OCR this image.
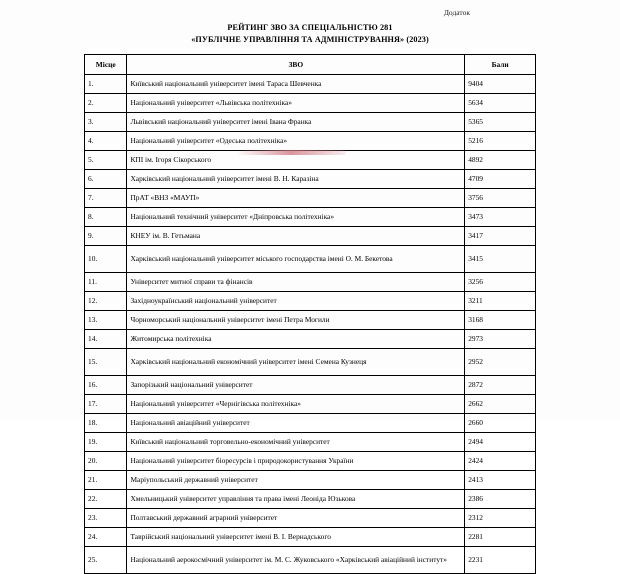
Додаток
РЕЙТИНГ ЗВО ЗА СПЕЦІАЛЬНІСТЮ 281
«ПУБЛІЧНЕ УПРАВЛІННЯ ТА АДМІНІСТРУВАННЯ» (2023)
Місце	ЗВО	Бали
1.	Київський національний університет імені Тараса Шевченка	9404
2.	Національний університет «Львівська політехніка»	5634
3.	Львівський національний університет імені Івана Франка	5365
4.	Національний університет «Одеська політехніка»	5216
5.	КПІ ім. Ігоря Сікорського	4892
6.	Харківський національний університет імені В. Н. Каразіна	4709
7.	ПрАТ «ВНЗ «МАУП»	3756
8.	Національний технічний університет «Дніпровська політехніка»	3473
9.	КНЕУ ім. В. Гетьмана	3417
10.	Харківський національний університет міського господарства імені О. М. Бекетова	3415
11.	Університет митної справи та фінансів	3256
12.	Західноукраїнський національний університет	3211
13.	Чорноморський національний університет імені Петра Могили	3168
14.	Житомирська політехніка	2973
15.	Харківський національний економічний університет імені Семена Кузнеця	2952
16.	Запорізький національний університет	2872
17.	Національний університет «Чернігівська політехніка»	2662
18.	Національний авіаційний університет	2660
19.	Київський національний торговельно-економічний університет	2494
20.	Національний університет біоресурсів і природокористування України	2424
21.	Маріупольський державний університет	2413
22.	Хмельницький університет управління та права імені Леоніда Юзькова	2386
23.	Полтавський державний аграрний університет	2312
24.	Таврійський національний університет імені В. І. Вернадського	2281
25.	Національний аерокосмічний університет ім. М. С. Жуковського «Харківський авіаційний інститут»	2231
